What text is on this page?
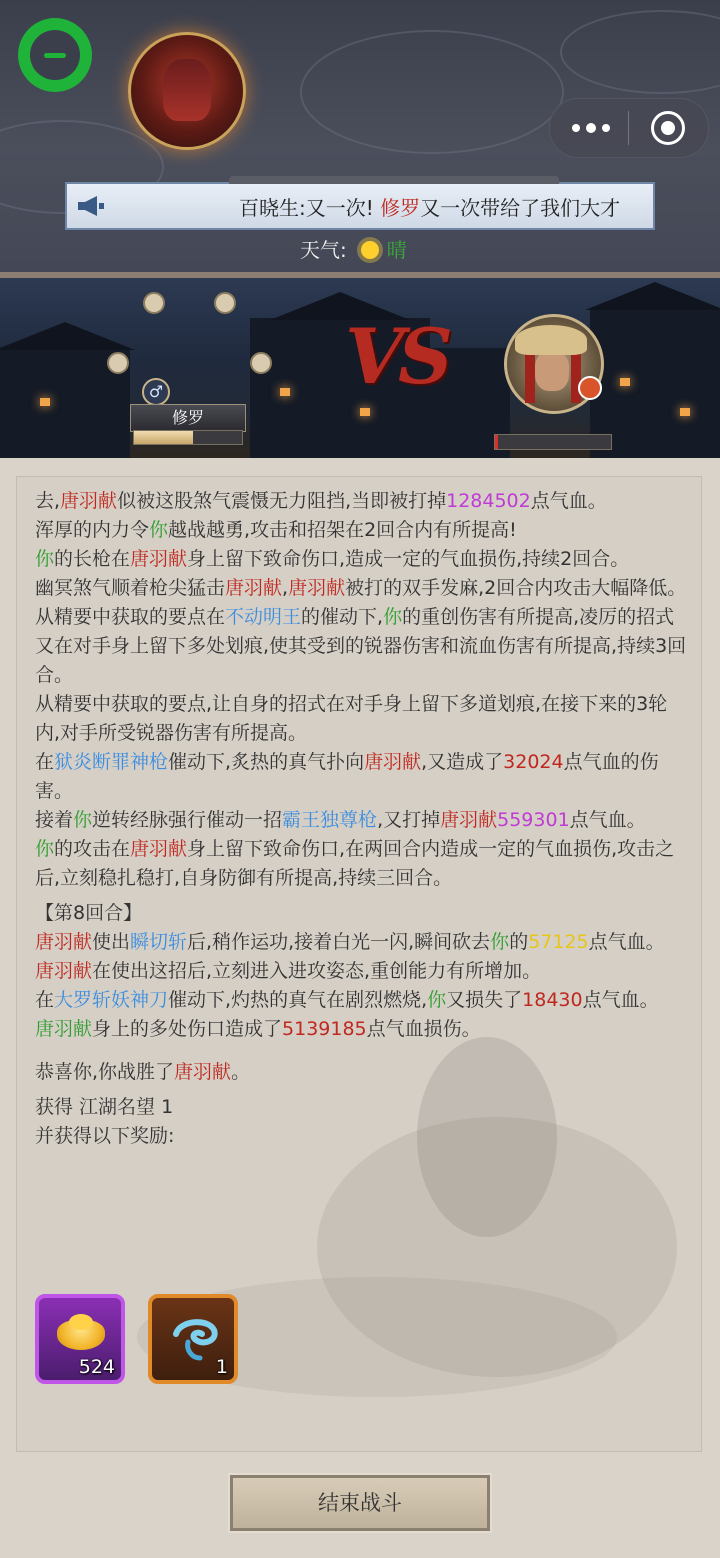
百晓生:又一次! 修罗又一次带给了我们大才
天气: 晴
♂
修罗
VS

去,唐羽献似被这股煞气震慑无力阻挡,当即被打掉1284502点气血。

浑厚的内力令你越战越勇,攻击和招架在2回合内有所提高!

你的长枪在唐羽献身上留下致命伤口,造成一定的气血损伤,持续2回合。

幽冥煞气顺着枪尖猛击唐羽献,唐羽献被打的双手发麻,2回合内攻击大幅降低。

从精要中获取的要点在不动明王的催动下,你的重创伤害有所提高,凌厉的招式又在对手身上留下多处划痕,使其受到的锐器伤害和流血伤害有所提高,持续3回合。

从精要中获取的要点,让自身的招式在对手身上留下多道划痕,在接下来的3轮内,对手所受锐器伤害有所提高。

在狱炎断罪神枪催动下,炙热的真气扑向唐羽献,又造成了32024点气血的伤害。

接着你逆转经脉强行催动一招霸王独尊枪,又打掉唐羽献559301点气血。

你的攻击在唐羽献身上留下致命伤口,在两回合内造成一定的气血损伤,攻击之后,立刻稳扎稳打,自身防御有所提高,持续三回合。

【第8回合】

唐羽献使出瞬切斩后,稍作运功,接着白光一闪,瞬间砍去你的57125点气血。

唐羽献在使出这招后,立刻进入进攻姿态,重创能力有所增加。

在大罗斩妖神刀催动下,灼热的真气在剧烈燃烧,你又损失了18430点气血。

唐羽献身上的多处伤口造成了5139185点气血损伤。

恭喜你,你战胜了唐羽献。

获得 江湖名望 1

并获得以下奖励:

524	1
结束战斗
